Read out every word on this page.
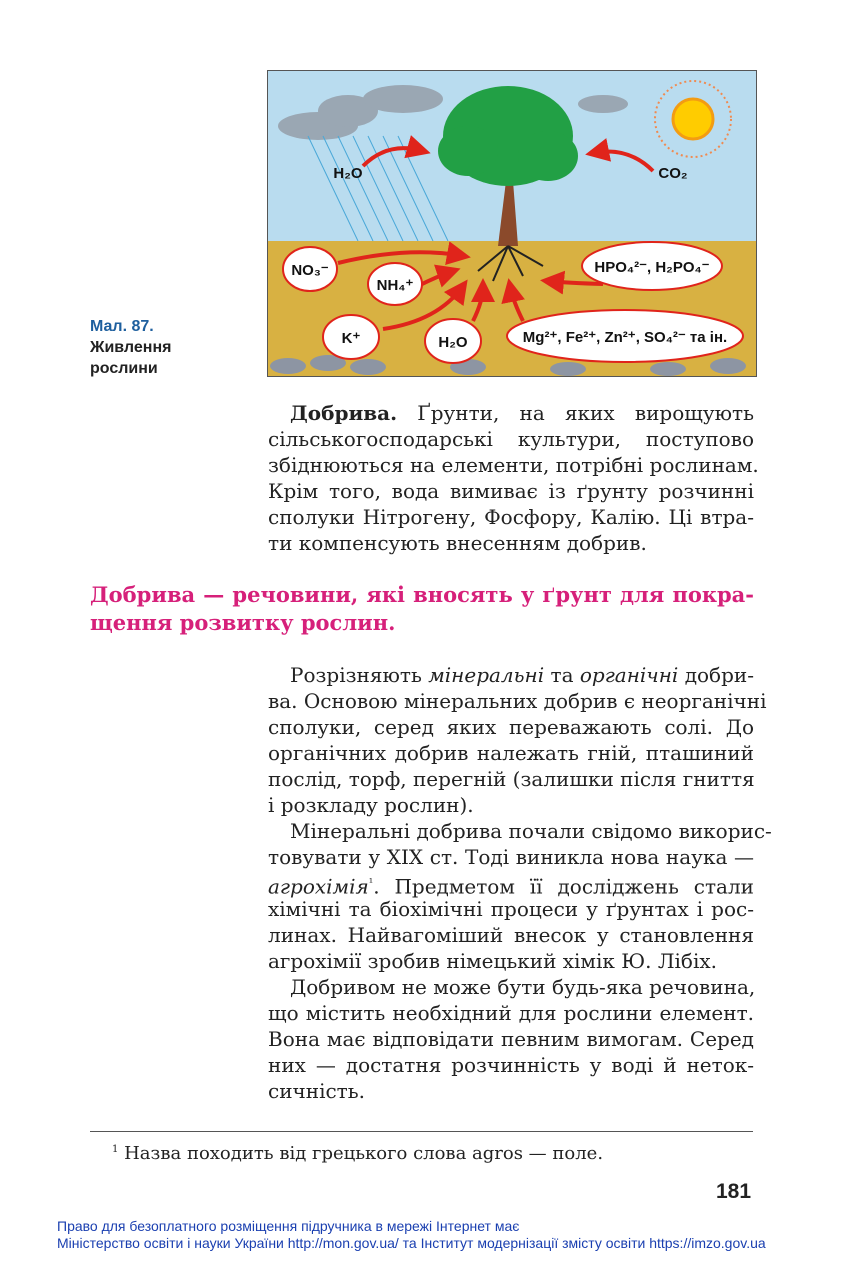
H₂O	CO₂
NO₃⁻
NH₄⁺
K⁺	H₂O
HPO₄²⁻, H₂PO₄⁻
Mg²⁺, Fe²⁺, Zn²⁺, SO₄²⁻ та ін.
Мал. 87.
Живлення
рослини
Добрива. Ґрунти, на яких вирощують
сільськогосподарські культури, поступово
збіднюються на елементи, потрібні рослинам.
Крім того, вода вимиває із ґрунту розчинні
сполуки Нітрогену, Фосфору, Калію. Ці втра-
ти компенсують внесенням добрив.
Добрива — речовини, які вносять у ґрунт для покра-
щення розвитку рослин.
Розрізняють мінеральні та органічні добри-
ва. Основою мінеральних добрив є неорганічні
сполуки, серед яких переважають солі. До
органічних добрив належать гній, пташиний
послід, торф, перегній (залишки після гниття
і розкладу рослин).
Мінеральні добрива почали свідомо викорис-
товувати у XIX ст. Тоді виникла нова наука —
агрохімія$^{^1}$. Предметом її досліджень стали
хімічні та біохімічні процеси у ґрунтах і рос-
линах. Найвагоміший внесок у становлення
агрохімії зробив німецький хімік Ю. Лібіх.
Добривом не може бути будь-яка речовина,
що містить необхідний для рослини елемент.
Вона має відповідати певним вимогам. Серед
них — достатня розчинність у воді й неток-
сичність.
$^1$ Назва походить від грецького слова agros — поле.
181
Право для безоплатного розміщення підручника в мережі Інтернет має
Міністерство освіти і науки України http://mon.gov.ua/ та Інститут модернізації змісту освіти https://imzo.gov.ua
